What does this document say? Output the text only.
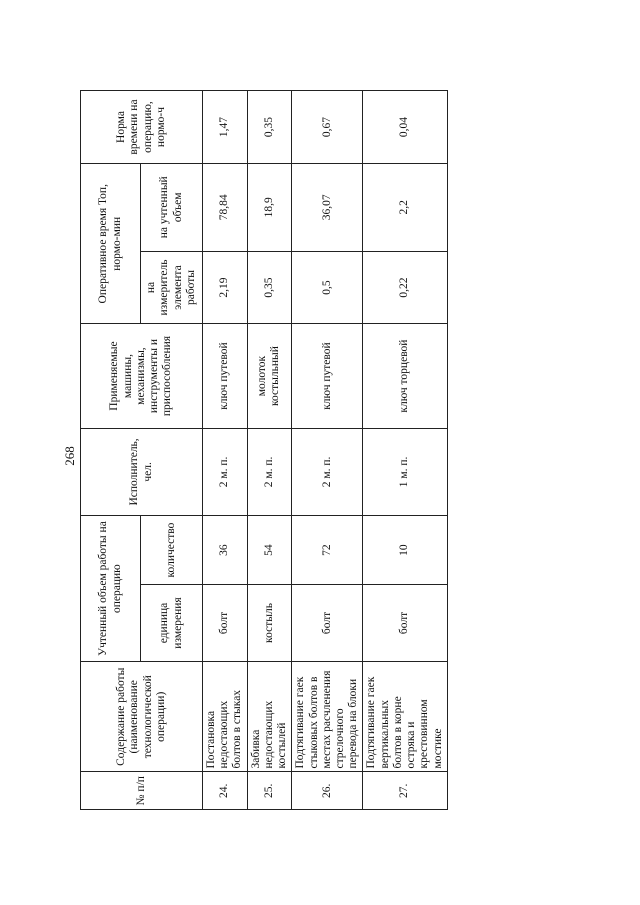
268
№ п/п	Содержание работы (наименование технологической операции)	Учтенный объем работы на операцию		Исполнитель, чел.	Применяемые машины, механизмы, инструменты и приспособления	Оперативное время Топ, нормо-мин		Норма времени на операцию, нормо-ч
		единица измерения	количество			на измеритель элемента работы	на учтенный объем	
24.	Постановка недостающих болтов в стыках	болт	36	2 м. п.	ключ путевой	2,19	78,84	1,47
25.	Забивка недостающих костылей	костыль	54	2 м. п.	молоток костыльный	0,35	18,9	0,35
26.	Подтягивание гаек стыковых болтов в местах расчленения стрелочного перевода на блоки	болт	72	2 м. п.	ключ путевой	0,5	36,07	0,67
27.	Подтягивание гаек вертикальных болтов в корне остряка и крестовинном мостике	болт	10	1 м. п.	ключ торцевой	0,22	2,2	0,04
